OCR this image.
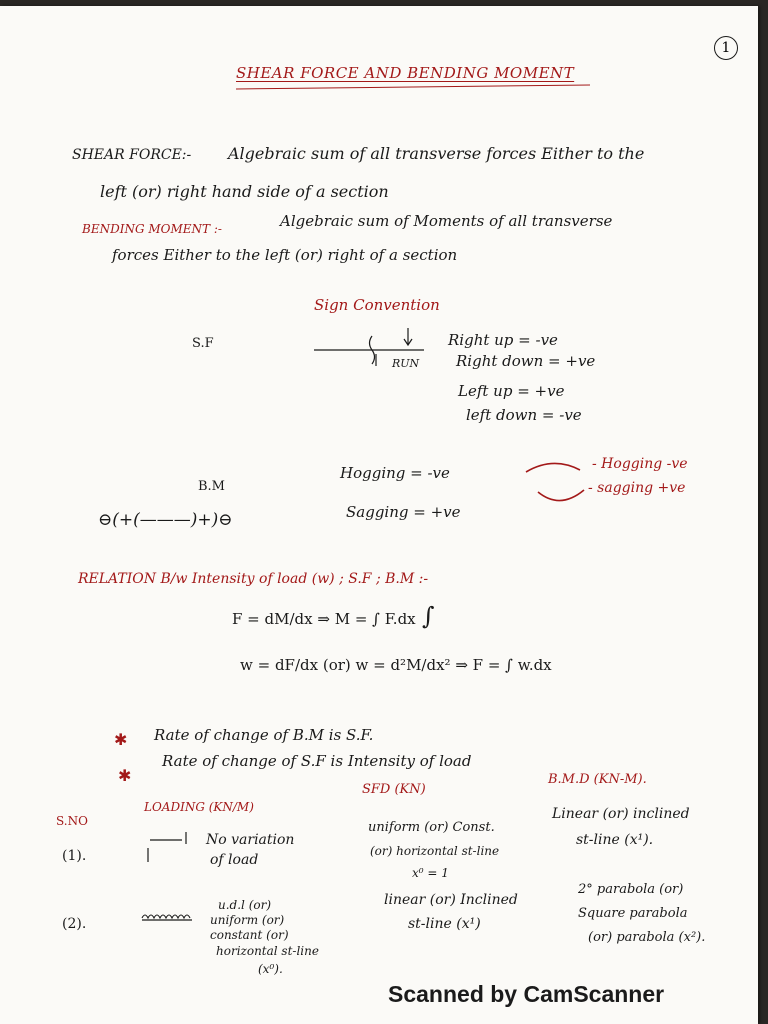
1
SHEAR FORCE AND BENDING MOMENT
SHEAR FORCE:- Algebraic sum of all transverse forces Either to the
left (or) right hand side of a section
BENDING MOMENT :-	Algebraic sum of Moments of all transverse
forces Either to the left (or) right of a section
Sign Convention
S.F
RUN
Right up = -ve
Right down = +ve
Left up = +ve
left down = -ve
B.M
Hogging = -ve
Sagging = +ve
- Hogging -ve
- sagging +ve
⊖(+(———)+)⊖
RELATION B/w Intensity of load (w) ; S.F ; B.M :-
F = dM/dx ⇒ M = ∫ F.dx
w = dF/dx (or) w = d²M/dx² ⇒ F = ∫ w.dx
✱ Rate of change of B.M is S.F.
✱
Rate of change of S.F is Intensity of load
S.NO
LOADING (KN/M)
SFD (KN)
B.M.D (KN-M).
(1).
No variation
of load
uniform (or) Const.
(or) horizontal st-line
x⁰ = 1
Linear (or) inclined
st-line (x¹).
(2).
u.d.l (or)
uniform (or)
constant (or)
horizontal st-line
(x⁰).
linear (or) Inclined
st-line (x¹)
2° parabola (or)
Square parabola
(or) parabola (x²).
Scanned by CamScanner
∫
